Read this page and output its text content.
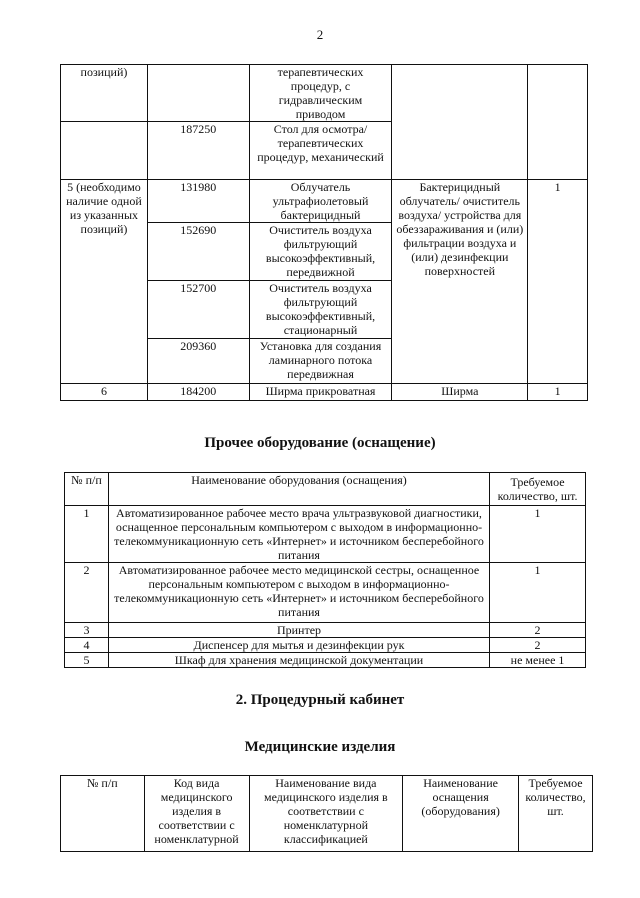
2
позиций)		терапевтических процедур, с гидравлическим приводом		
	187250	Стол для осмотра/ терапевтических процедур, механический		
5 (необходимо наличие одной из указанных позиций)	131980	Облучатель ультрафиолетовый бактерицидный	Бактерицидный облучатель/ очиститель воздуха/ устройства для обеззараживания и (или) фильтрации воздуха и (или) дезинфекции поверхностей	1
	152690	Очиститель воздуха фильтрующий высокоэффективный, передвижной		
	152700	Очиститель воздуха фильтрующий высокоэффективный, стационарный		
	209360	Установка для создания ламинарного потока передвижная		
6	184200	Ширма прикроватная	Ширма	1
Прочее оборудование (оснащение)
№ п/п	Наименование оборудования (оснащения)	Требуемое количество, шт.
1	Автоматизированное рабочее место врача ультразвуковой диагностики, оснащенное персональным компьютером с выходом в информационно-телекоммуникационную сеть «Интернет» и источником бесперебойного питания	1
2	Автоматизированное рабочее место медицинской сестры, оснащенное персональным компьютером с выходом в информационно-телекоммуникационную сеть «Интернет» и источником бесперебойного питания	1
3	Принтер	2
4	Диспенсер для мытья и дезинфекции рук	2
5	Шкаф для хранения медицинской документации	не менее 1
2. Процедурный кабинет
Медицинские изделия
№ п/п	Код вида медицинского изделия в соответствии с номенклатурной	Наименование вида медицинского изделия в соответствии с номенклатурной классификацией	Наименование оснащения (оборудования)	Требуемое количество, шт.
